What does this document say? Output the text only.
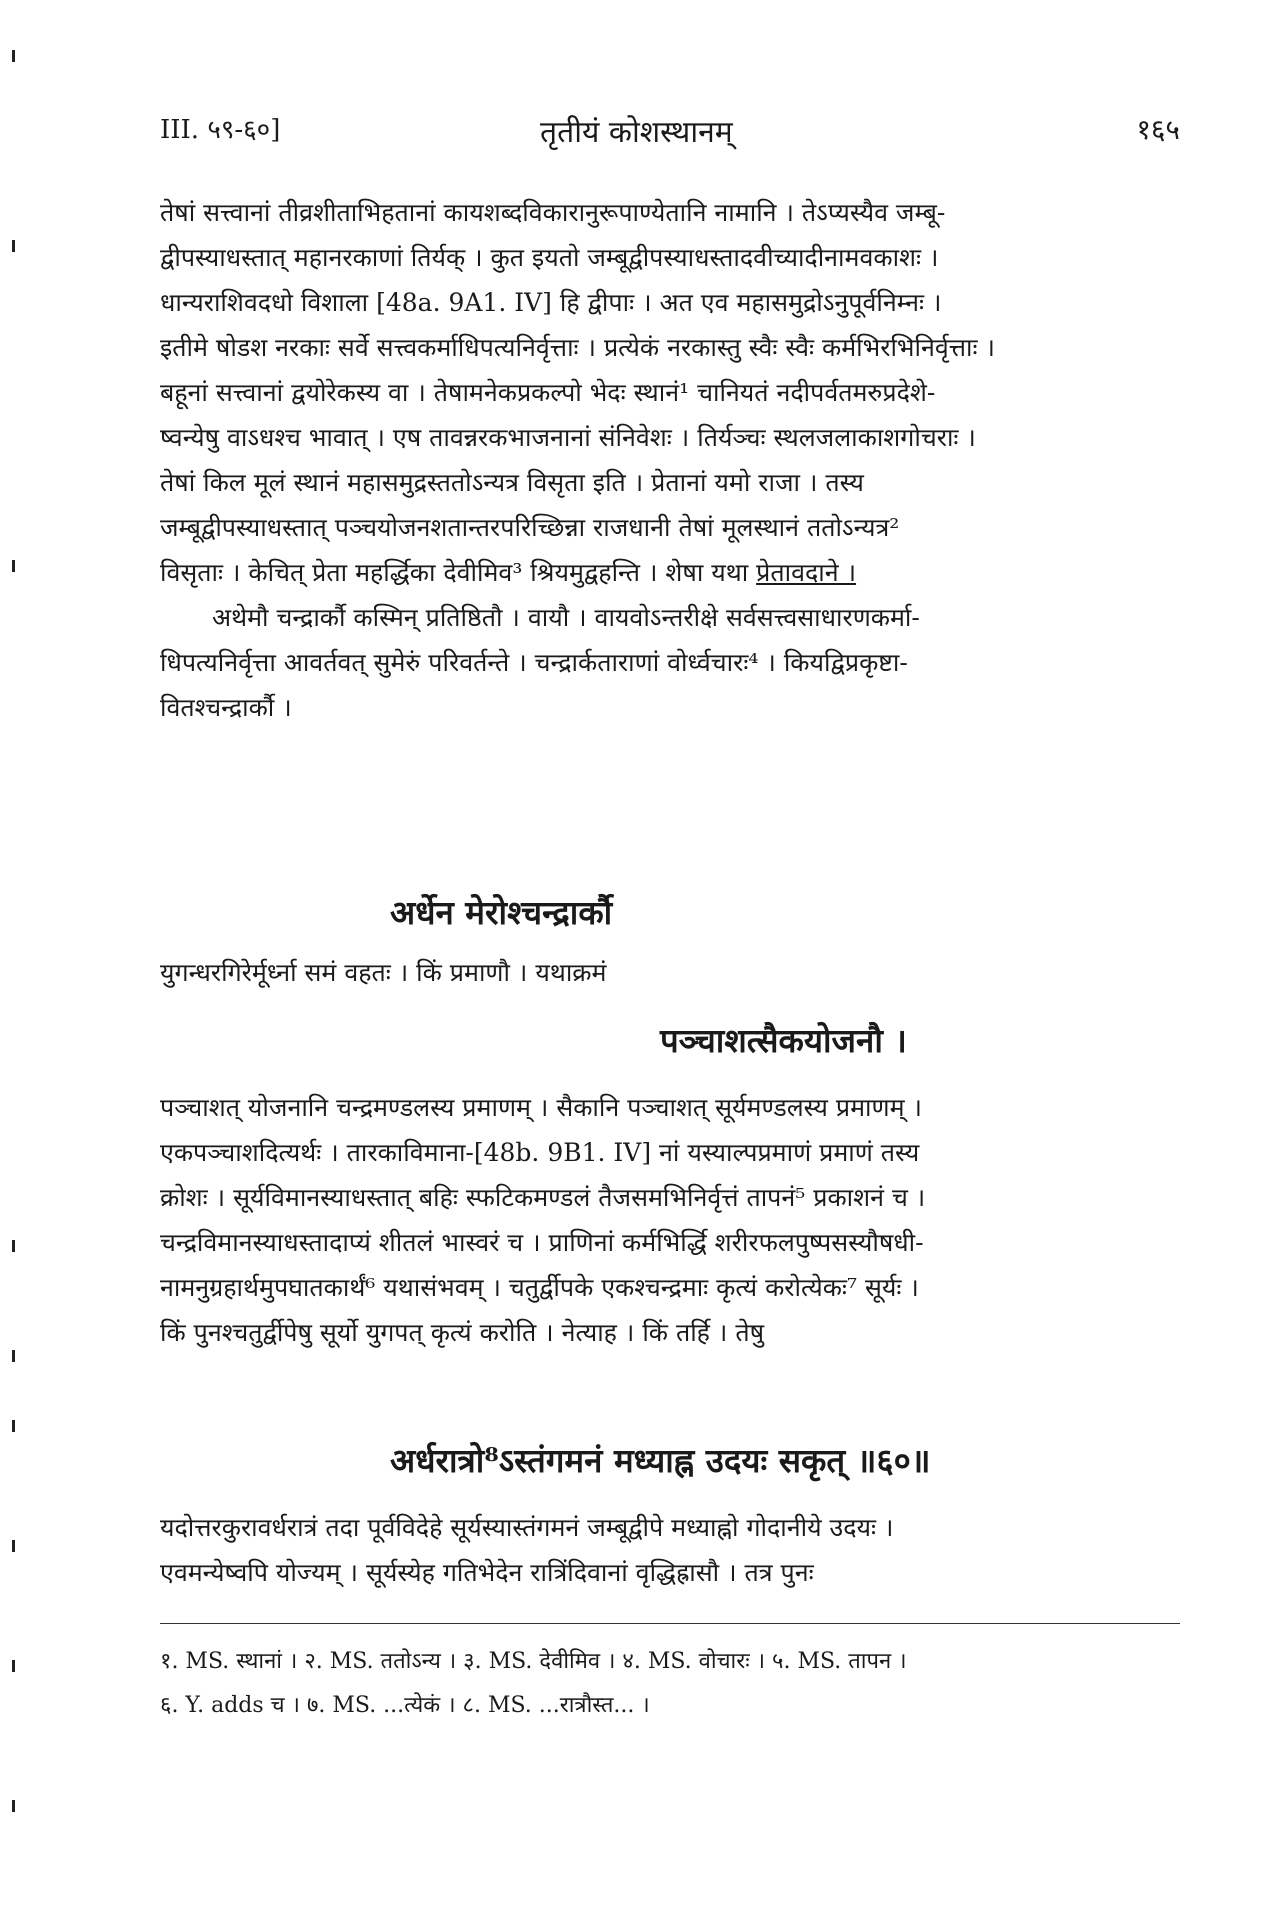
III. ५९-६०]	तृतीयं कोशस्थानम्	१६५
तेषां सत्त्वानां तीव्रशीताभिहतानां कायशब्दविकारानुरूपाण्येतानि नामानि । तेऽप्यस्यैव जम्बू-
द्वीपस्याधस्तात् महानरकाणां तिर्यक् । कुत इयतो जम्बूद्वीपस्याधस्तादवीच्यादीनामवकाशः ।
धान्यराशिवदधो विशाला [48a. 9A1. IV] हि द्वीपाः । अत एव महासमुद्रोऽनुपूर्वनिम्नः ।
इतीमे षोडश नरकाः सर्वे सत्त्वकर्माधिपत्यनिर्वृत्ताः । प्रत्येकं नरकास्तु स्वैः स्वैः कर्मभिरभिनिर्वृत्ताः ।
बहूनां सत्त्वानां द्वयोरेकस्य वा । तेषामनेकप्रकल्पो भेदः स्थानं¹ चानियतं नदीपर्वतमरुप्रदेशे-
ष्वन्येषु वाऽधश्च भावात् । एष तावन्नरकभाजनानां संनिवेशः । तिर्यञ्चः स्थलजलाकाशगोचराः ।
तेषां किल मूलं स्थानं महासमुद्रस्ततोऽन्यत्र विसृता इति । प्रेतानां यमो राजा । तस्य
जम्बूद्वीपस्याधस्तात् पञ्चयोजनशतान्तरपरिच्छिन्ना राजधानी तेषां मूलस्थानं ततोऽन्यत्र²
विसृताः । केचित् प्रेता महर्द्धिका देवीमिव³ श्रियमुद्वहन्ति । शेषा यथा प्रेतावदाने ।
अथेमौ चन्द्रार्कौ कस्मिन् प्रतिष्ठितौ । वायौ । वायवोऽन्तरीक्षे सर्वसत्त्वसाधारणकर्मा-
धिपत्यनिर्वृत्ता आवर्तवत् सुमेरुं परिवर्तन्ते । चन्द्रार्कताराणां वोर्ध्वचारः⁴ । कियद्विप्रकृष्टा-
वितश्चन्द्रार्कौ ।
अर्धेन मेरोश्चन्द्रार्कौ
युगन्धरगिरेर्मूर्ध्ना समं वहतः । किं प्रमाणौ । यथाक्रमं
पञ्चाशत्सैकयोजनौ ।
पञ्चाशत् योजनानि चन्द्रमण्डलस्य प्रमाणम् । सैकानि पञ्चाशत् सूर्यमण्डलस्य प्रमाणम् ।
एकपञ्चाशदित्यर्थः । तारकाविमाना-[48b. 9B1. IV] नां यस्याल्पप्रमाणं प्रमाणं तस्य
क्रोशः । सूर्यविमानस्याधस्तात् बहिः स्फटिकमण्डलं तैजसमभिनिर्वृत्तं तापनं⁵ प्रकाशनं च ।
चन्द्रविमानस्याधस्तादाप्यं शीतलं भास्वरं च । प्राणिनां कर्मभिर्द्धि शरीरफलपुष्पसस्यौषधी-
नामनुग्रहार्थमुपघातकार्थं⁶ यथासंभवम् । चतुर्द्वीपके एकश्चन्द्रमाः कृत्यं करोत्येकः⁷ सूर्यः ।
किं पुनश्चतुर्द्वीपेषु सूर्यो युगपत् कृत्यं करोति । नेत्याह । किं तर्हि । तेषु
अर्धरात्रो⁸ऽस्तंगमनं मध्याह्न उदयः सकृत् ॥६०॥
यदोत्तरकुरावर्धरात्रं तदा पूर्वविदेहे सूर्यस्यास्तंगमनं जम्बूद्वीपे मध्याह्नो गोदानीये उदयः ।
एवमन्येष्वपि योज्यम् । सूर्यस्येह गतिभेदेन रात्रिंदिवानां वृद्धिह्रासौ । तत्र पुनः
१. MS. स्थानां । २. MS. ततोऽन्य । ३. MS. देवीमिव । ४. MS. वोचारः । ५. MS. तापन ।
६. Y. adds च । ७. MS. ...त्येकं । ८. MS. ...रात्रौस्त... ।
